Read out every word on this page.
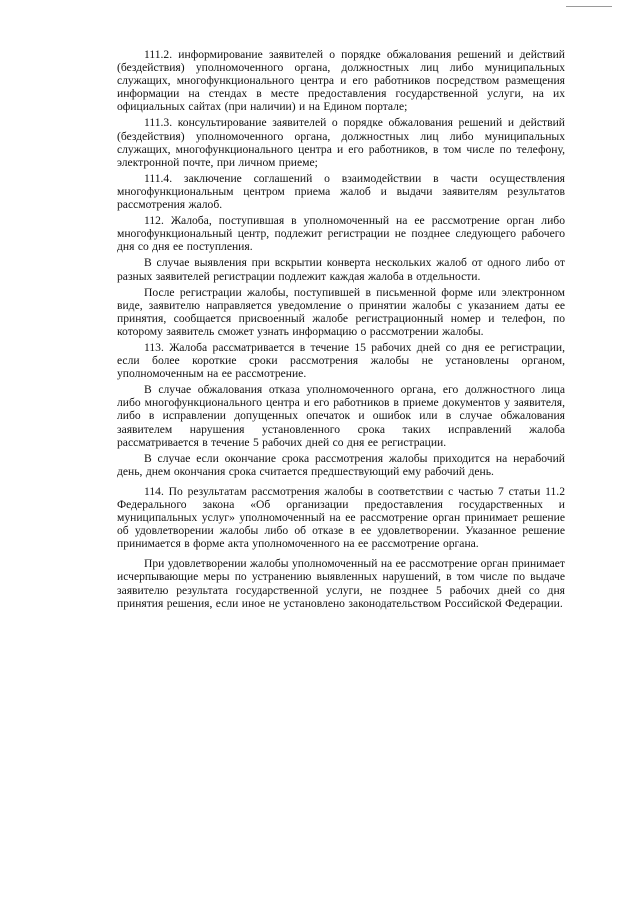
111.2. информирование заявителей о порядке обжалования решений и действий (бездействия) уполномоченного органа, должностных лиц либо муниципальных служащих, многофункционального центра и его работников посредством размещения информации на стендах в месте предоставления государственной услуги, на их официальных сайтах (при наличии) и на Едином портале;

111.3. консультирование заявителей о порядке обжалования решений и действий (бездействия) уполномоченного органа, должностных лиц либо муниципальных служащих, многофункционального центра и его работников, в том числе по телефону, электронной почте, при личном приеме;

111.4. заключение соглашений о взаимодействии в части осуществления многофункциональным центром приема жалоб и выдачи заявителям результатов рассмотрения жалоб.

112. Жалоба, поступившая в уполномоченный на ее рассмотрение орган либо многофункциональный центр, подлежит регистрации не позднее следующего рабочего дня со дня ее поступления.

В случае выявления при вскрытии конверта нескольких жалоб от одного либо от разных заявителей регистрации подлежит каждая жалоба в отдельности.

После регистрации жалобы, поступившей в письменной форме или электронном виде, заявителю направляется уведомление о принятии жалобы с указанием даты ее принятия, сообщается присвоенный жалобе регистрационный номер и телефон, по которому заявитель сможет узнать информацию о рассмотрении жалобы.

113. Жалоба рассматривается в течение 15 рабочих дней со дня ее регистрации, если более короткие сроки рассмотрения жалобы не установлены органом, уполномоченным на ее рассмотрение.

В случае обжалования отказа уполномоченного органа, его должностного лица либо многофункционального центра и его работников в приеме документов у заявителя, либо в исправлении допущенных опечаток и ошибок или в случае обжалования заявителем нарушения установленного срока таких исправлений жалоба рассматривается в течение 5 рабочих дней со дня ее регистрации.

В случае если окончание срока рассмотрения жалобы приходится на нерабочий день, днем окончания срока считается предшествующий ему рабочий день.

114. По результатам рассмотрения жалобы в соответствии с частью 7 статьи 11.2 Федерального закона «Об организации предоставления государственных и муниципальных услуг» уполномоченный на ее рассмотрение орган принимает решение об удовлетворении жалобы либо об отказе в ее удовлетворении. Указанное решение принимается в форме акта уполномоченного на ее рассмотрение органа.

При удовлетворении жалобы уполномоченный на ее рассмотрение орган принимает исчерпывающие меры по устранению выявленных нарушений, в том числе по выдаче заявителю результата государственной услуги, не позднее 5 рабочих дней со дня принятия решения, если иное не установлено законодательством Российской Федерации.
